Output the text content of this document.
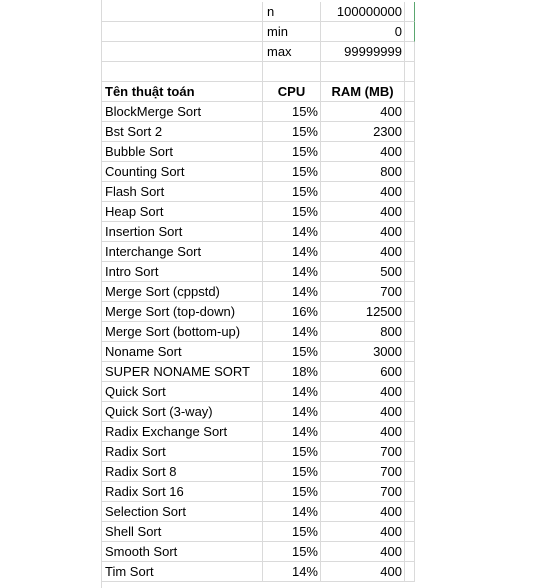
n	100000000
min	0
max	99999999
Tên thuật toán	CPU	RAM (MB)
BlockMerge Sort	15%	400
Bst Sort 2	15%	2300
Bubble Sort	15%	400
Counting Sort	15%	800
Flash Sort	15%	400
Heap Sort	15%	400
Insertion Sort	14%	400
Interchange Sort	14%	400
Intro Sort	14%	500
Merge Sort (cppstd)	14%	700
Merge Sort (top-down)	16%	12500
Merge Sort (bottom-up)	14%	800
Noname Sort	15%	3000
SUPER NONAME SORT	18%	600
Quick Sort	14%	400
Quick Sort (3-way)	14%	400
Radix Exchange Sort	14%	400
Radix Sort	15%	700
Radix Sort 8	15%	700
Radix Sort 16	15%	700
Selection Sort	14%	400
Shell Sort	15%	400
Smooth Sort	15%	400
Tim Sort	14%	400
